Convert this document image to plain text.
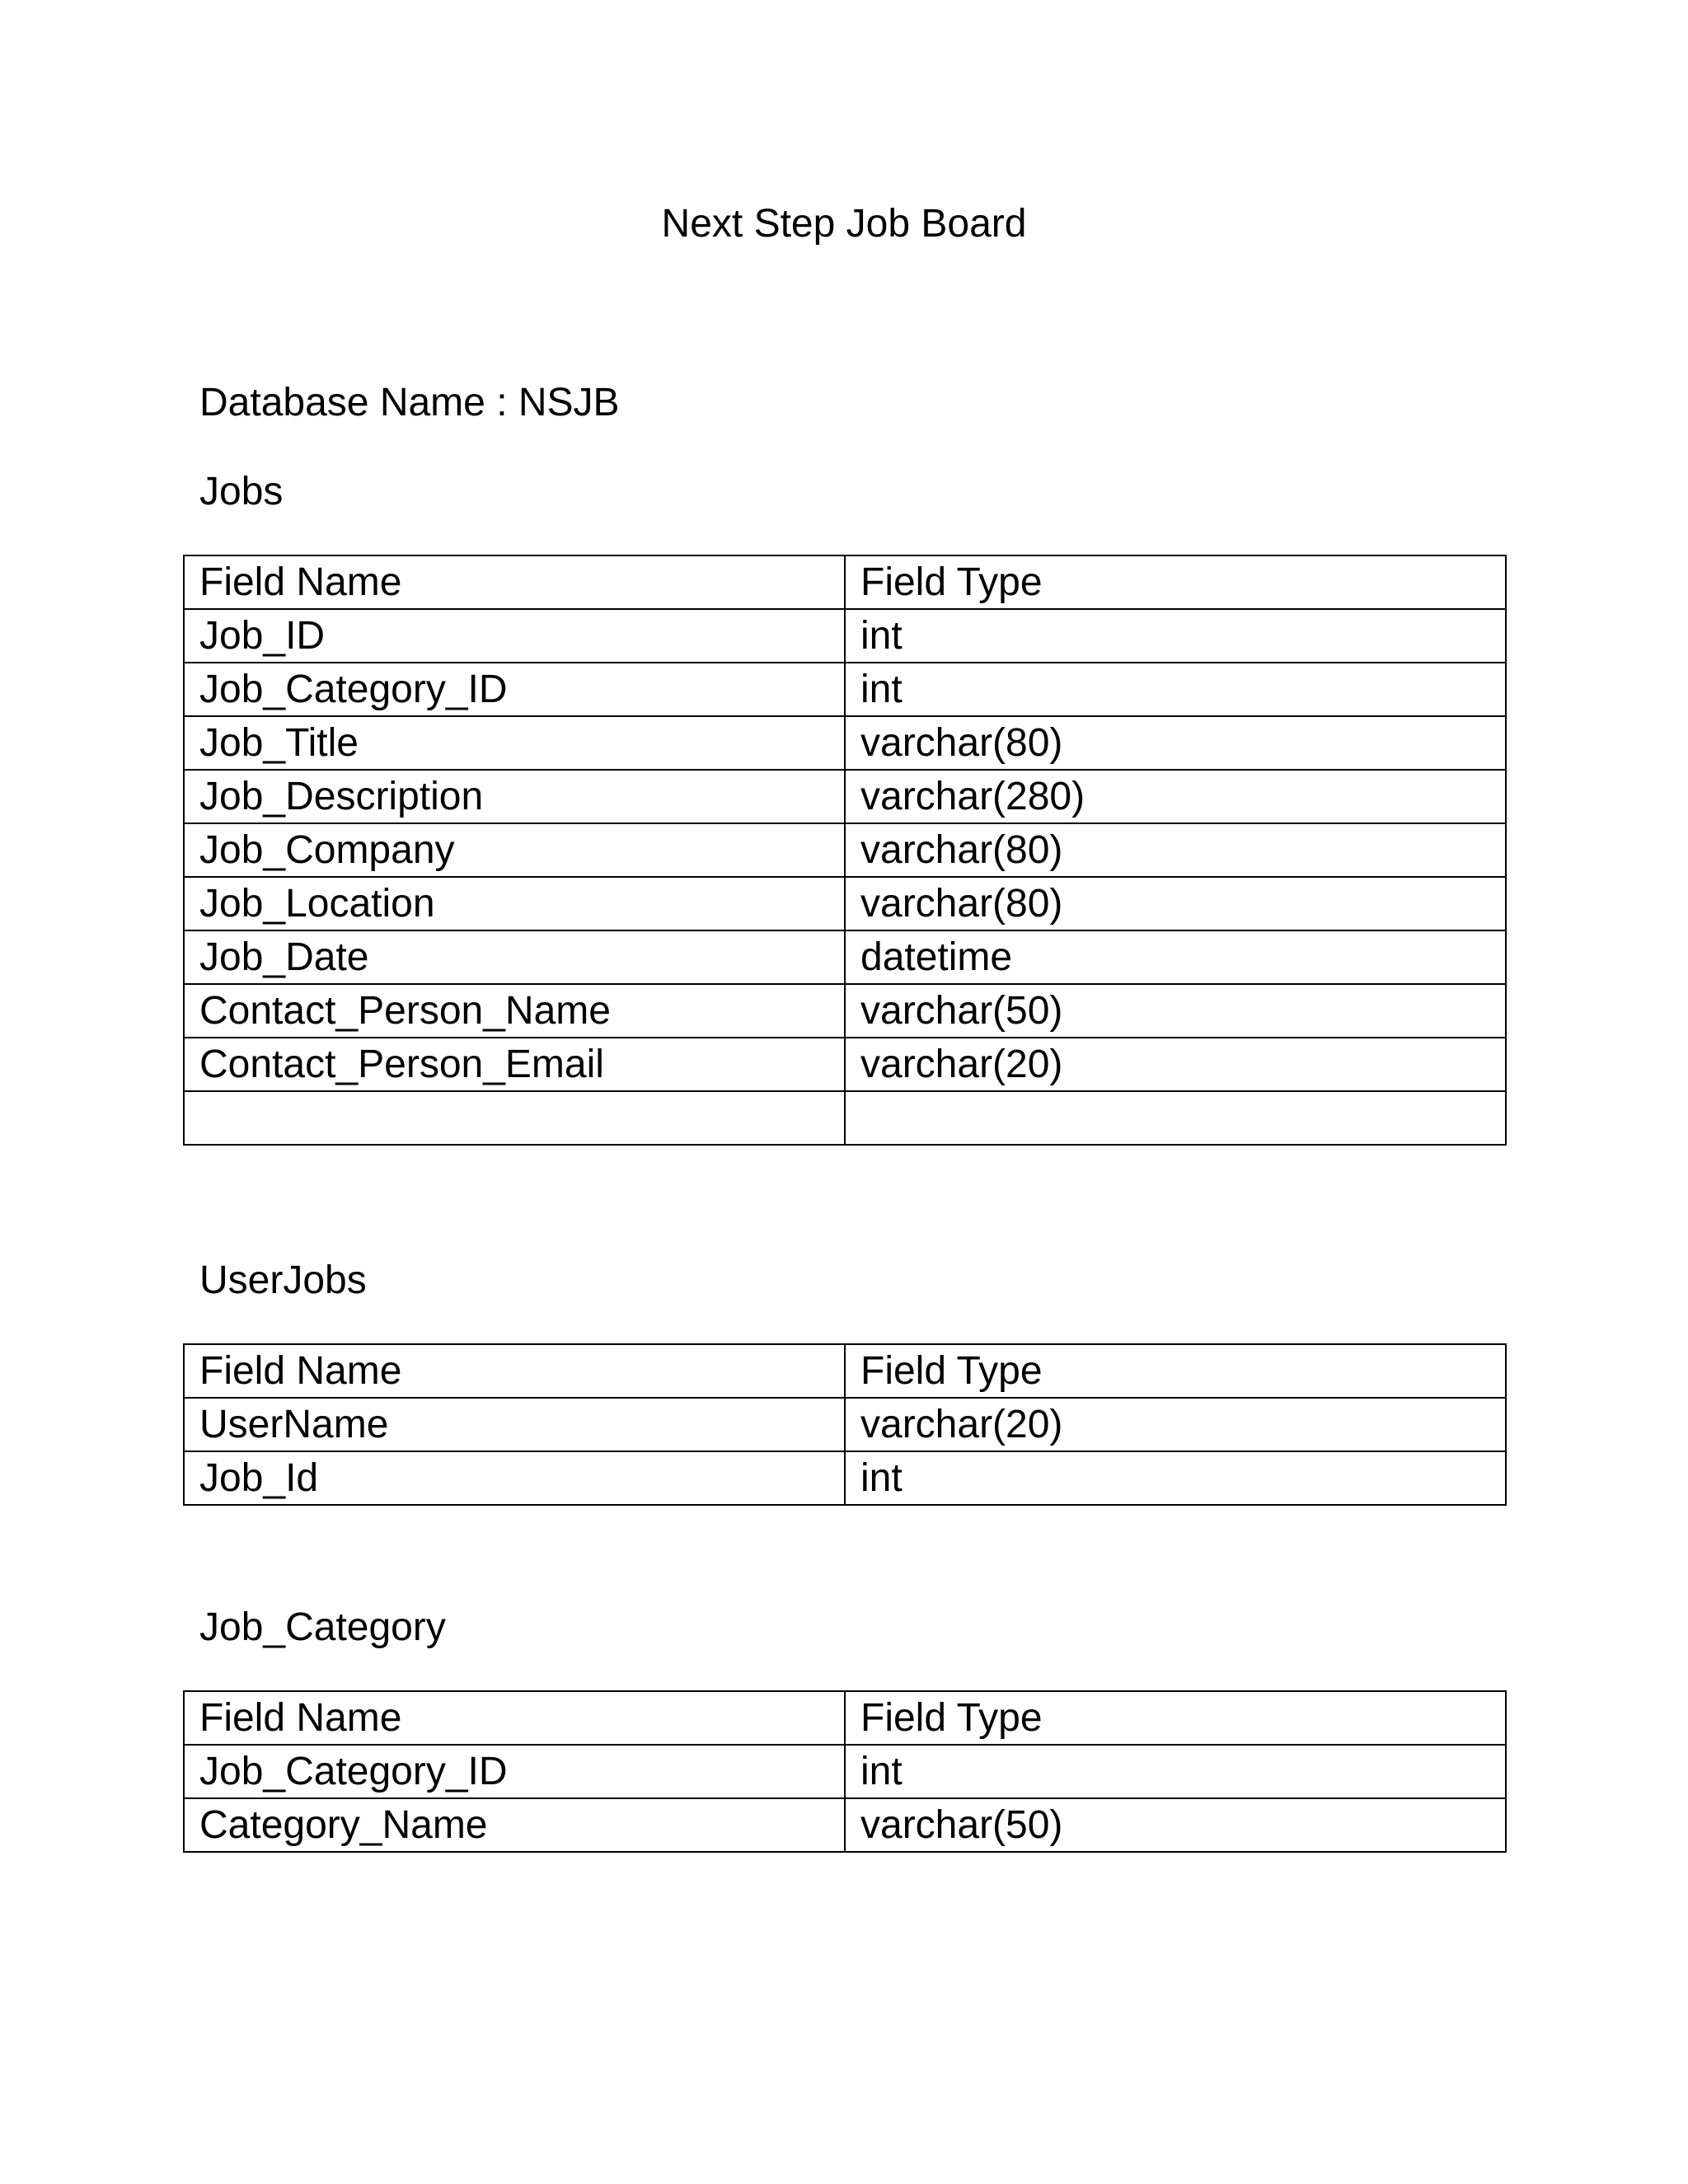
Next Step Job Board
Database Name : NSJB
Jobs
Field Name	Field Type
Job_ID	int
Job_Category_ID	int
Job_Title	varchar(80)
Job_Description	varchar(280)
Job_Company	varchar(80)
Job_Location	varchar(80)
Job_Date	datetime
Contact_Person_Name	varchar(50)
Contact_Person_Email	varchar(20)

UserJobs
Field Name	Field Type
UserName	varchar(20)
Job_Id	int
Job_Category
Field Name	Field Type
Job_Category_ID	int
Category_Name	varchar(50)
